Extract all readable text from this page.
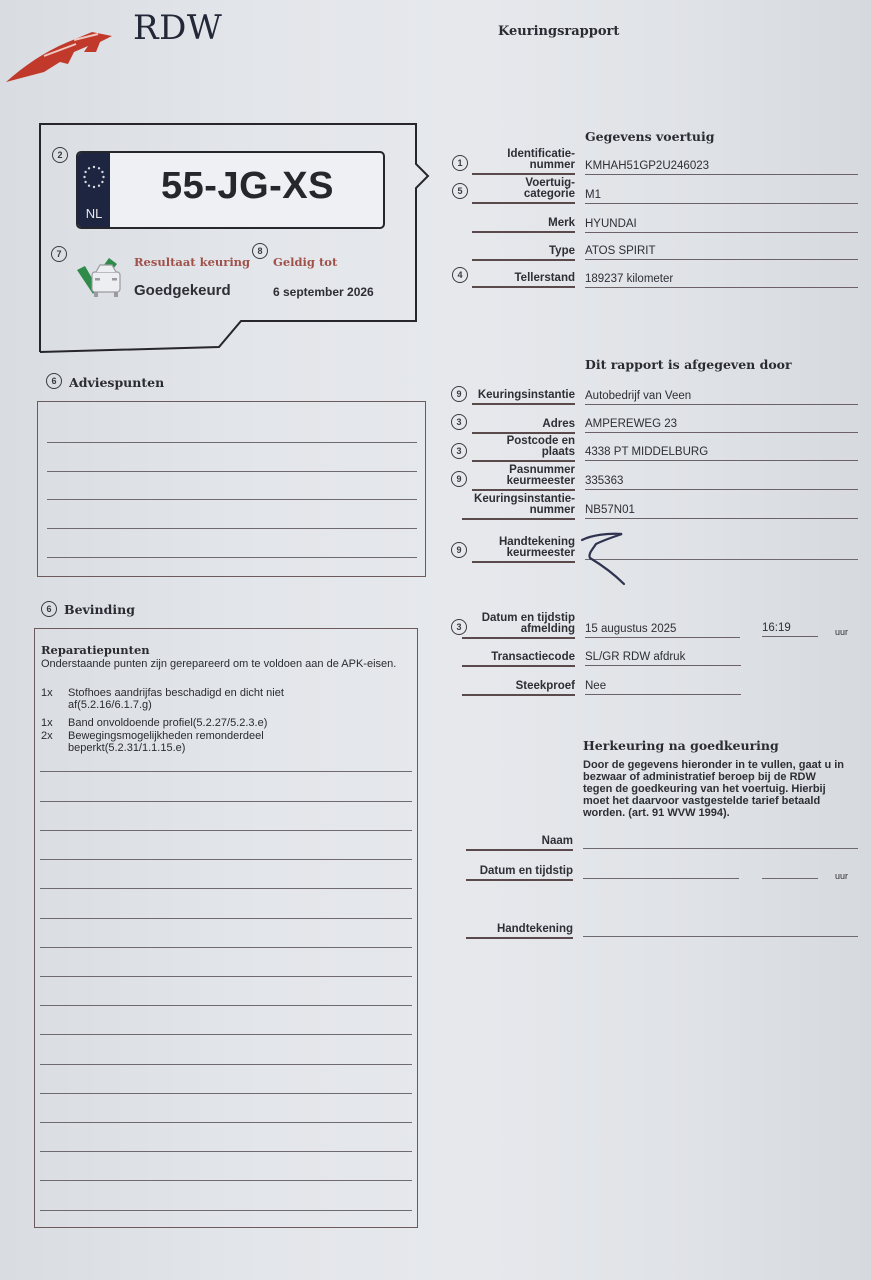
RDW	Keuringsrapport
2
NL
55-JG-XS
7	8
Resultaat keuring
Goedgekeurd
Geldig tot
6 september 2026
Gegevens voertuig
1
Identificatie-
nummer KMHAH51GP2U246023
5
Voertuig-
categorie M1
Merk HYUNDAI
Type ATOS SPIRIT
4	Tellerstand 189237 kilometer
Dit rapport is afgegeven door
9	Keuringsinstantie Autobedrijf van Veen
3	Adres AMPEREWEG 23
3
Postcode en
plaats 4338 PT MIDDELBURG
9
Pasnummer
keurmeester 335363
Keuringsinstantie-
nummer NB57N01
9
Handtekening
keurmeester
3
Datum en tijdstip
afmelding 15 augustus 2025	16:19	uur
Transactiecode SL/GR RDW afdruk
Steekproef Nee
Herkeuring na goedkeuring
Door de gegevens hieronder in te vullen, gaat u in bezwaar of administratief beroep bij de RDW tegen de goedkeuring van het voertuig. Hierbij moet het daarvoor vastgestelde tarief betaald worden. (art. 91 WVW 1994).
Naam
Datum en tijdstip	uur
Handtekening
6	Adviespunten
6	Bevinding
Reparatiepunten
Onderstaande punten zijn gerepareerd om te voldoen aan de APK-eisen.
1x Stofhoes aandrijfas beschadigd en dicht niet af(5.2.16/6.1.7.g)
1x Band onvoldoende profiel(5.2.27/5.2.3.e)
2x Bewegingsmogelijkheden remonderdeel beperkt(5.2.31/1.1.15.e)
